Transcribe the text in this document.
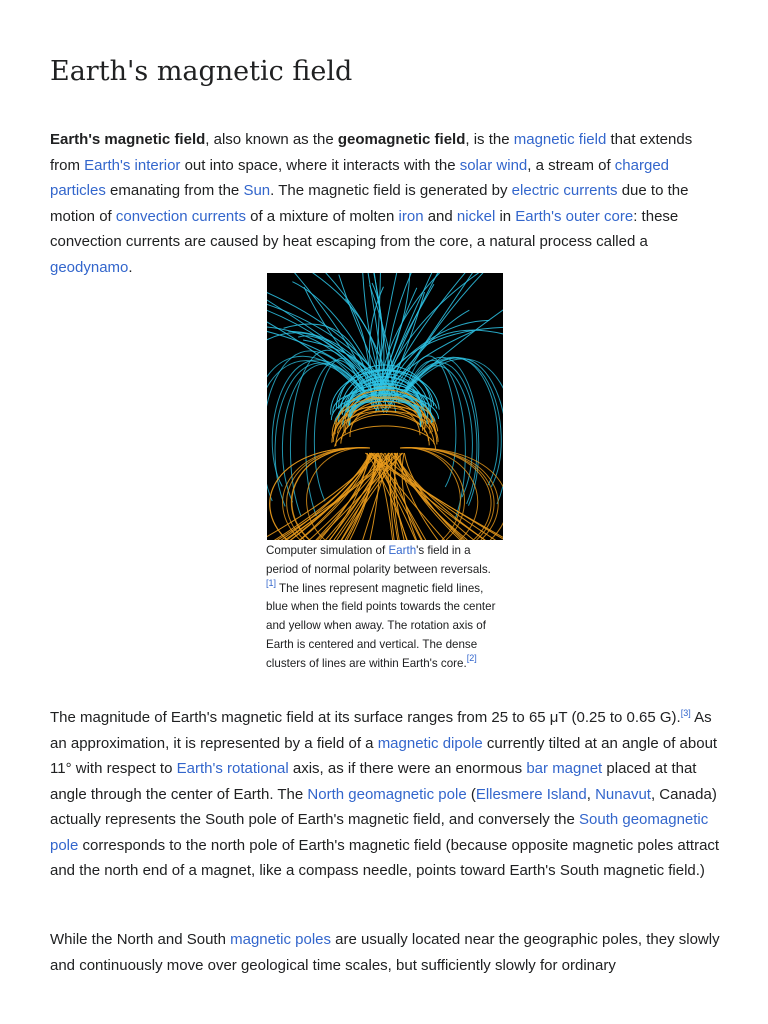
Earth's magnetic field

Earth's magnetic field, also known as the geomagnetic field, is the magnetic field that extends from Earth's interior out into space, where it interacts with the solar wind, a stream of charged particles emanating from the Sun. The magnetic field is generated by electric currents due to the motion of convection currents of a mixture of molten iron and nickel in Earth's outer core: these convection currents are caused by heat escaping from the core, a natural process called a geodynamo.

Computer simulation of Earth's field in a period of normal polarity between reversals.[1] The lines represent magnetic field lines, blue when the field points towards the center and yellow when away. The rotation axis of Earth is centered and vertical. The dense clusters of lines are within Earth's core.[2]

The magnitude of Earth's magnetic field at its surface ranges from 25 to 65 μT (0.25 to 0.65 G).[3] As an approximation, it is represented by a field of a magnetic dipole currently tilted at an angle of about 11° with respect to Earth's rotational axis, as if there were an enormous bar magnet placed at that angle through the center of Earth. The North geomagnetic pole (Ellesmere Island, Nunavut, Canada) actually represents the South pole of Earth's magnetic field, and conversely the South geomagnetic pole corresponds to the north pole of Earth's magnetic field (because opposite magnetic poles attract and the north end of a magnet, like a compass needle, points toward Earth's South magnetic field.)

While the North and South magnetic poles are usually located near the geographic poles, they slowly and continuously move over geological time scales, but sufficiently slowly for ordinary
